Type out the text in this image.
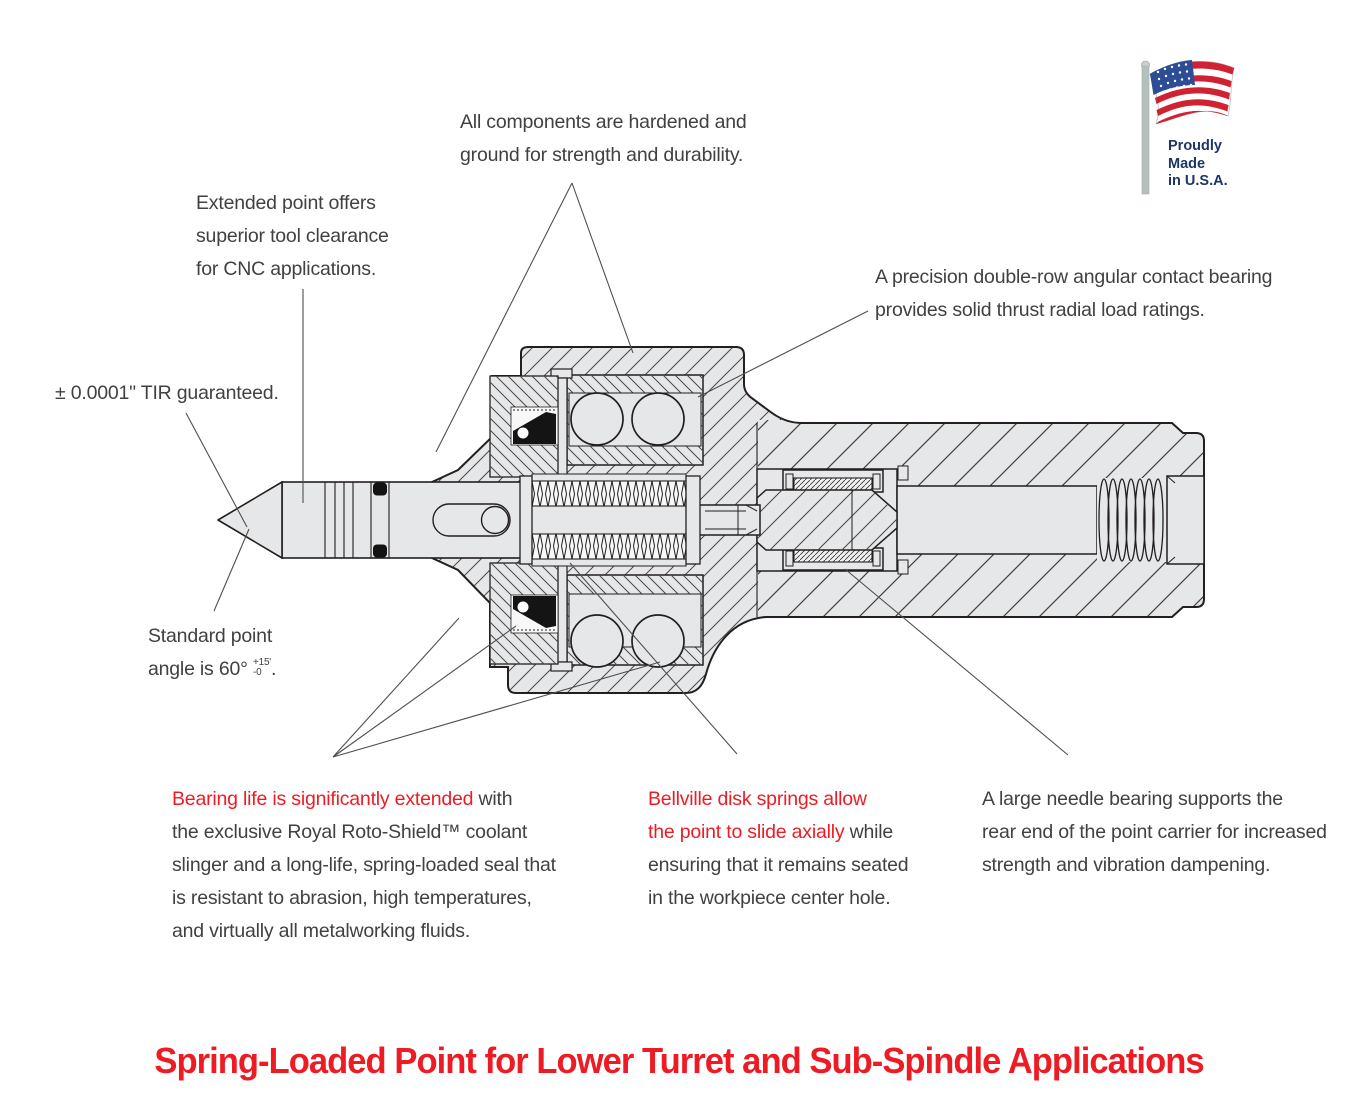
All components are hardened and
ground for strength and durability.
Extended point offers
superior tool clearance
for CNC applications.	A precision double-row angular contact bearing
provides solid thrust radial load ratings.
± 0.0001" TIR guaranteed.
Standard point
angle is 60° +15'
-0 .
Bearing life is significantly extended with
the exclusive Royal Roto-Shield™ coolant
slinger and a long-life, spring-loaded seal that
is resistant to abrasion, high temperatures,
and virtually all metalworking fluids.
Bellville disk springs allow
the point to slide axially while
ensuring that it remains seated
in the workpiece center hole.
A large needle bearing supports the
rear end of the point carrier for increased
strength and vibration dampening.
Proudly
Made
in U.S.A.
Spring-Loaded Point for Lower Turret and Sub-Spindle Applications
